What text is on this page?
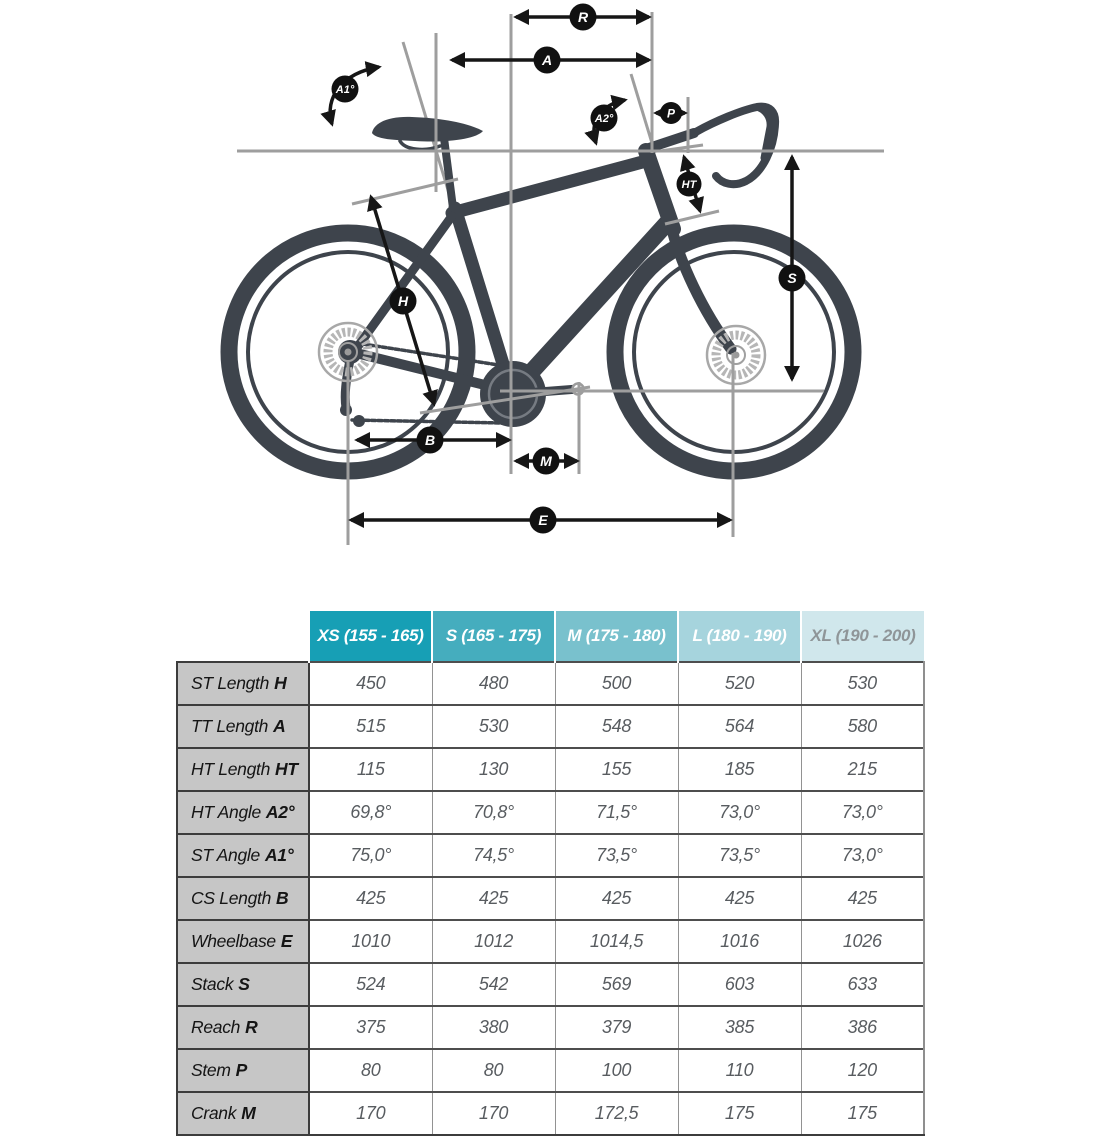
R
A
A1°
A2°	P
HT
S
H
B
M
E
	XS (155 - 165)	S (165 - 175)	M (175 - 180)	L (180 - 190)	XL (190 - 200)
ST Length H	450	480	500	520	530
TT Length A	515	530	548	564	580
HT Length HT	115	130	155	185	215
HT Angle A2°	69,8°	70,8°	71,5°	73,0°	73,0°
ST Angle A1°	75,0°	74,5°	73,5°	73,5°	73,0°
CS Length B	425	425	425	425	425
Wheelbase E	1010	1012	1014,5	1016	1026
Stack S	524	542	569	603	633
Reach R	375	380	379	385	386
Stem P	80	80	100	110	120
Crank M	170	170	172,5	175	175
